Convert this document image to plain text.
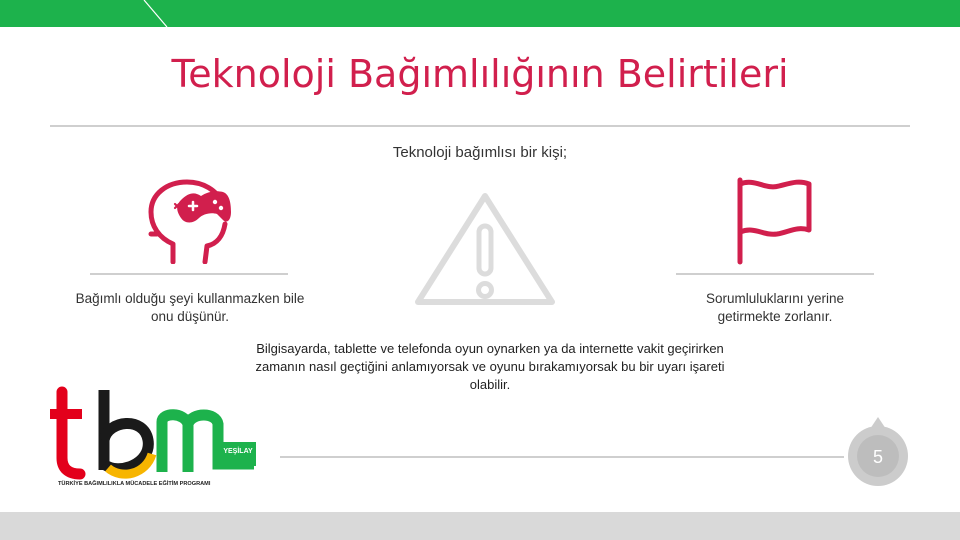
Teknoloji Bağımlılığının Belirtileri
Teknoloji bağımlısı bir kişi;
Bağımlı olduğu şeyi kullanmazken bile onu düşünür.
Sorumluluklarını yerine getirmekte zorlanır.
Bilgisayarda, tablette ve telefonda oyun oynarken ya da internette vakit geçirirken zamanın nasıl geçtiğini anlamıyorsak ve oyunu bırakamıyorsak bu bir uyarı işareti olabilir.
YEŞİLAY
TÜRKİYE BAĞIMLILIKLA MÜCADELE EĞİTİM PROGRAMI
5
